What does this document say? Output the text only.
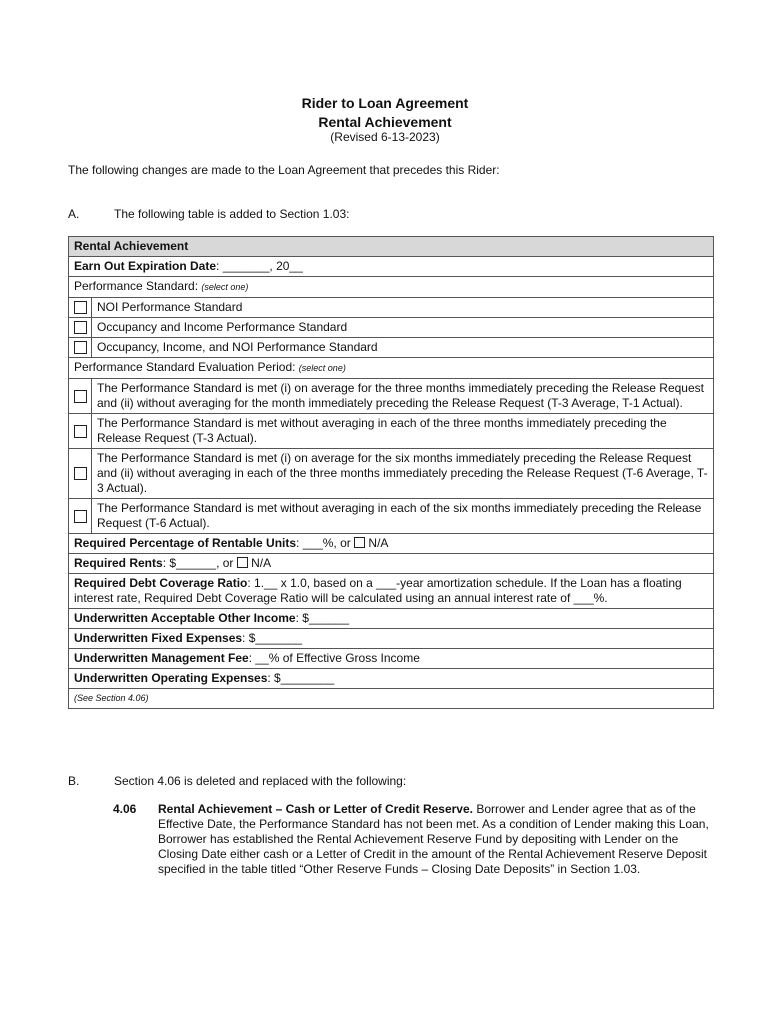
Rider to Loan Agreement
Rental Achievement
(Revised 6-13-2023)
The following changes are made to the Loan Agreement that precedes this Rider:
A.	The following table is added to Section 1.03:
Rental Achievement	
Earn Out Expiration Date: _______, 20__	
Performance Standard: (select one)	
	NOI Performance Standard
	Occupancy and Income Performance Standard
	Occupancy, Income, and NOI Performance Standard
Performance Standard Evaluation Period: (select one)	
	The Performance Standard is met (i) on average for the three months immediately preceding the Release Request and (ii) without averaging for the month immediately preceding the Release Request (T-3 Average, T-1 Actual).
	The Performance Standard is met without averaging in each of the three months immediately preceding the Release Request (T-3 Actual).
	The Performance Standard is met (i) on average for the six months immediately preceding the Release Request and (ii) without averaging in each of the three months immediately preceding the Release Request (T-6 Average, T-3 Actual).
	The Performance Standard is met without averaging in each of the six months immediately preceding the Release Request (T-6 Actual).
Required Percentage of Rentable Units: ___%, or  N/A	
Required Rents: $______, or  N/A	
Required Debt Coverage Ratio: 1.__ x 1.0, based on a ___-year amortization schedule. If the Loan has a floating interest rate, Required Debt Coverage Ratio will be calculated using an annual interest rate of ___%.	
Underwritten Acceptable Other Income: $______	
Underwritten Fixed Expenses: $_______	
Underwritten Management Fee: __% of Effective Gross Income	
Underwritten Operating Expenses: $________	
(See Section 4.06)	
B.	Section 4.06 is deleted and replaced with the following:
4.06 Rental Achievement – Cash or Letter of Credit Reserve. Borrower and Lender agree that as of the Effective Date, the Performance Standard has not been met. As a condition of Lender making this Loan, Borrower has established the Rental Achievement Reserve Fund by depositing with Lender on the Closing Date either cash or a Letter of Credit in the amount of the Rental Achievement Reserve Deposit specified in the table titled “Other Reserve Funds – Closing Date Deposits” in Section 1.03.
